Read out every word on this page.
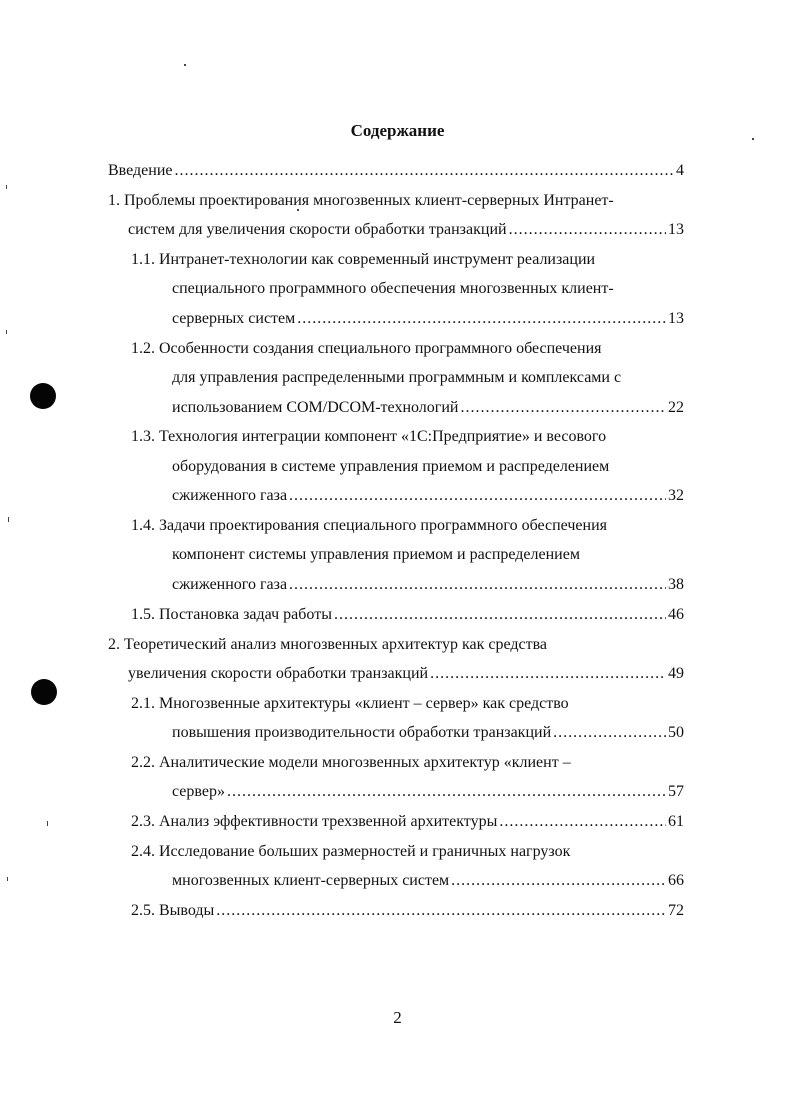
Содержание
Введение .....	4
1. Проблемы проектирования многозвенных клиент-серверных Интранет-
систем для увеличения скорости обработки транзакций .....	13
1.1. Интранет-технологии как современный инструмент реализации
специального программного обеспечения многозвенных клиент-
серверных систем .....	13
1.2. Особенности создания специального программного обеспечения
для управления распределенными программным и комплексами с
использованием COM/DCOM-технологий .....	22
1.3. Технология интеграции компонент «1С:Предприятие» и весового
оборудования в системе управления приемом и распределением
сжиженного газа .....	32
1.4. Задачи проектирования специального программного обеспечения
компонент системы управления приемом и распределением
сжиженного газа .....	38
1.5. Постановка задач работы .....	46
2. Теоретический анализ многозвенных архитектур как средства
увеличения скорости обработки транзакций .....	49
2.1. Многозвенные архитектуры «клиент – сервер» как средство
повышения производительности обработки транзакций .....	50
2.2. Аналитические модели многозвенных архитектур «клиент –
сервер» .....	57
2.3. Анализ эффективности трехзвенной архитектуры .....	61
2.4. Исследование больших размерностей и граничных нагрузок
многозвенных клиент-серверных систем .....	66
2.5. Выводы .....	72
2
